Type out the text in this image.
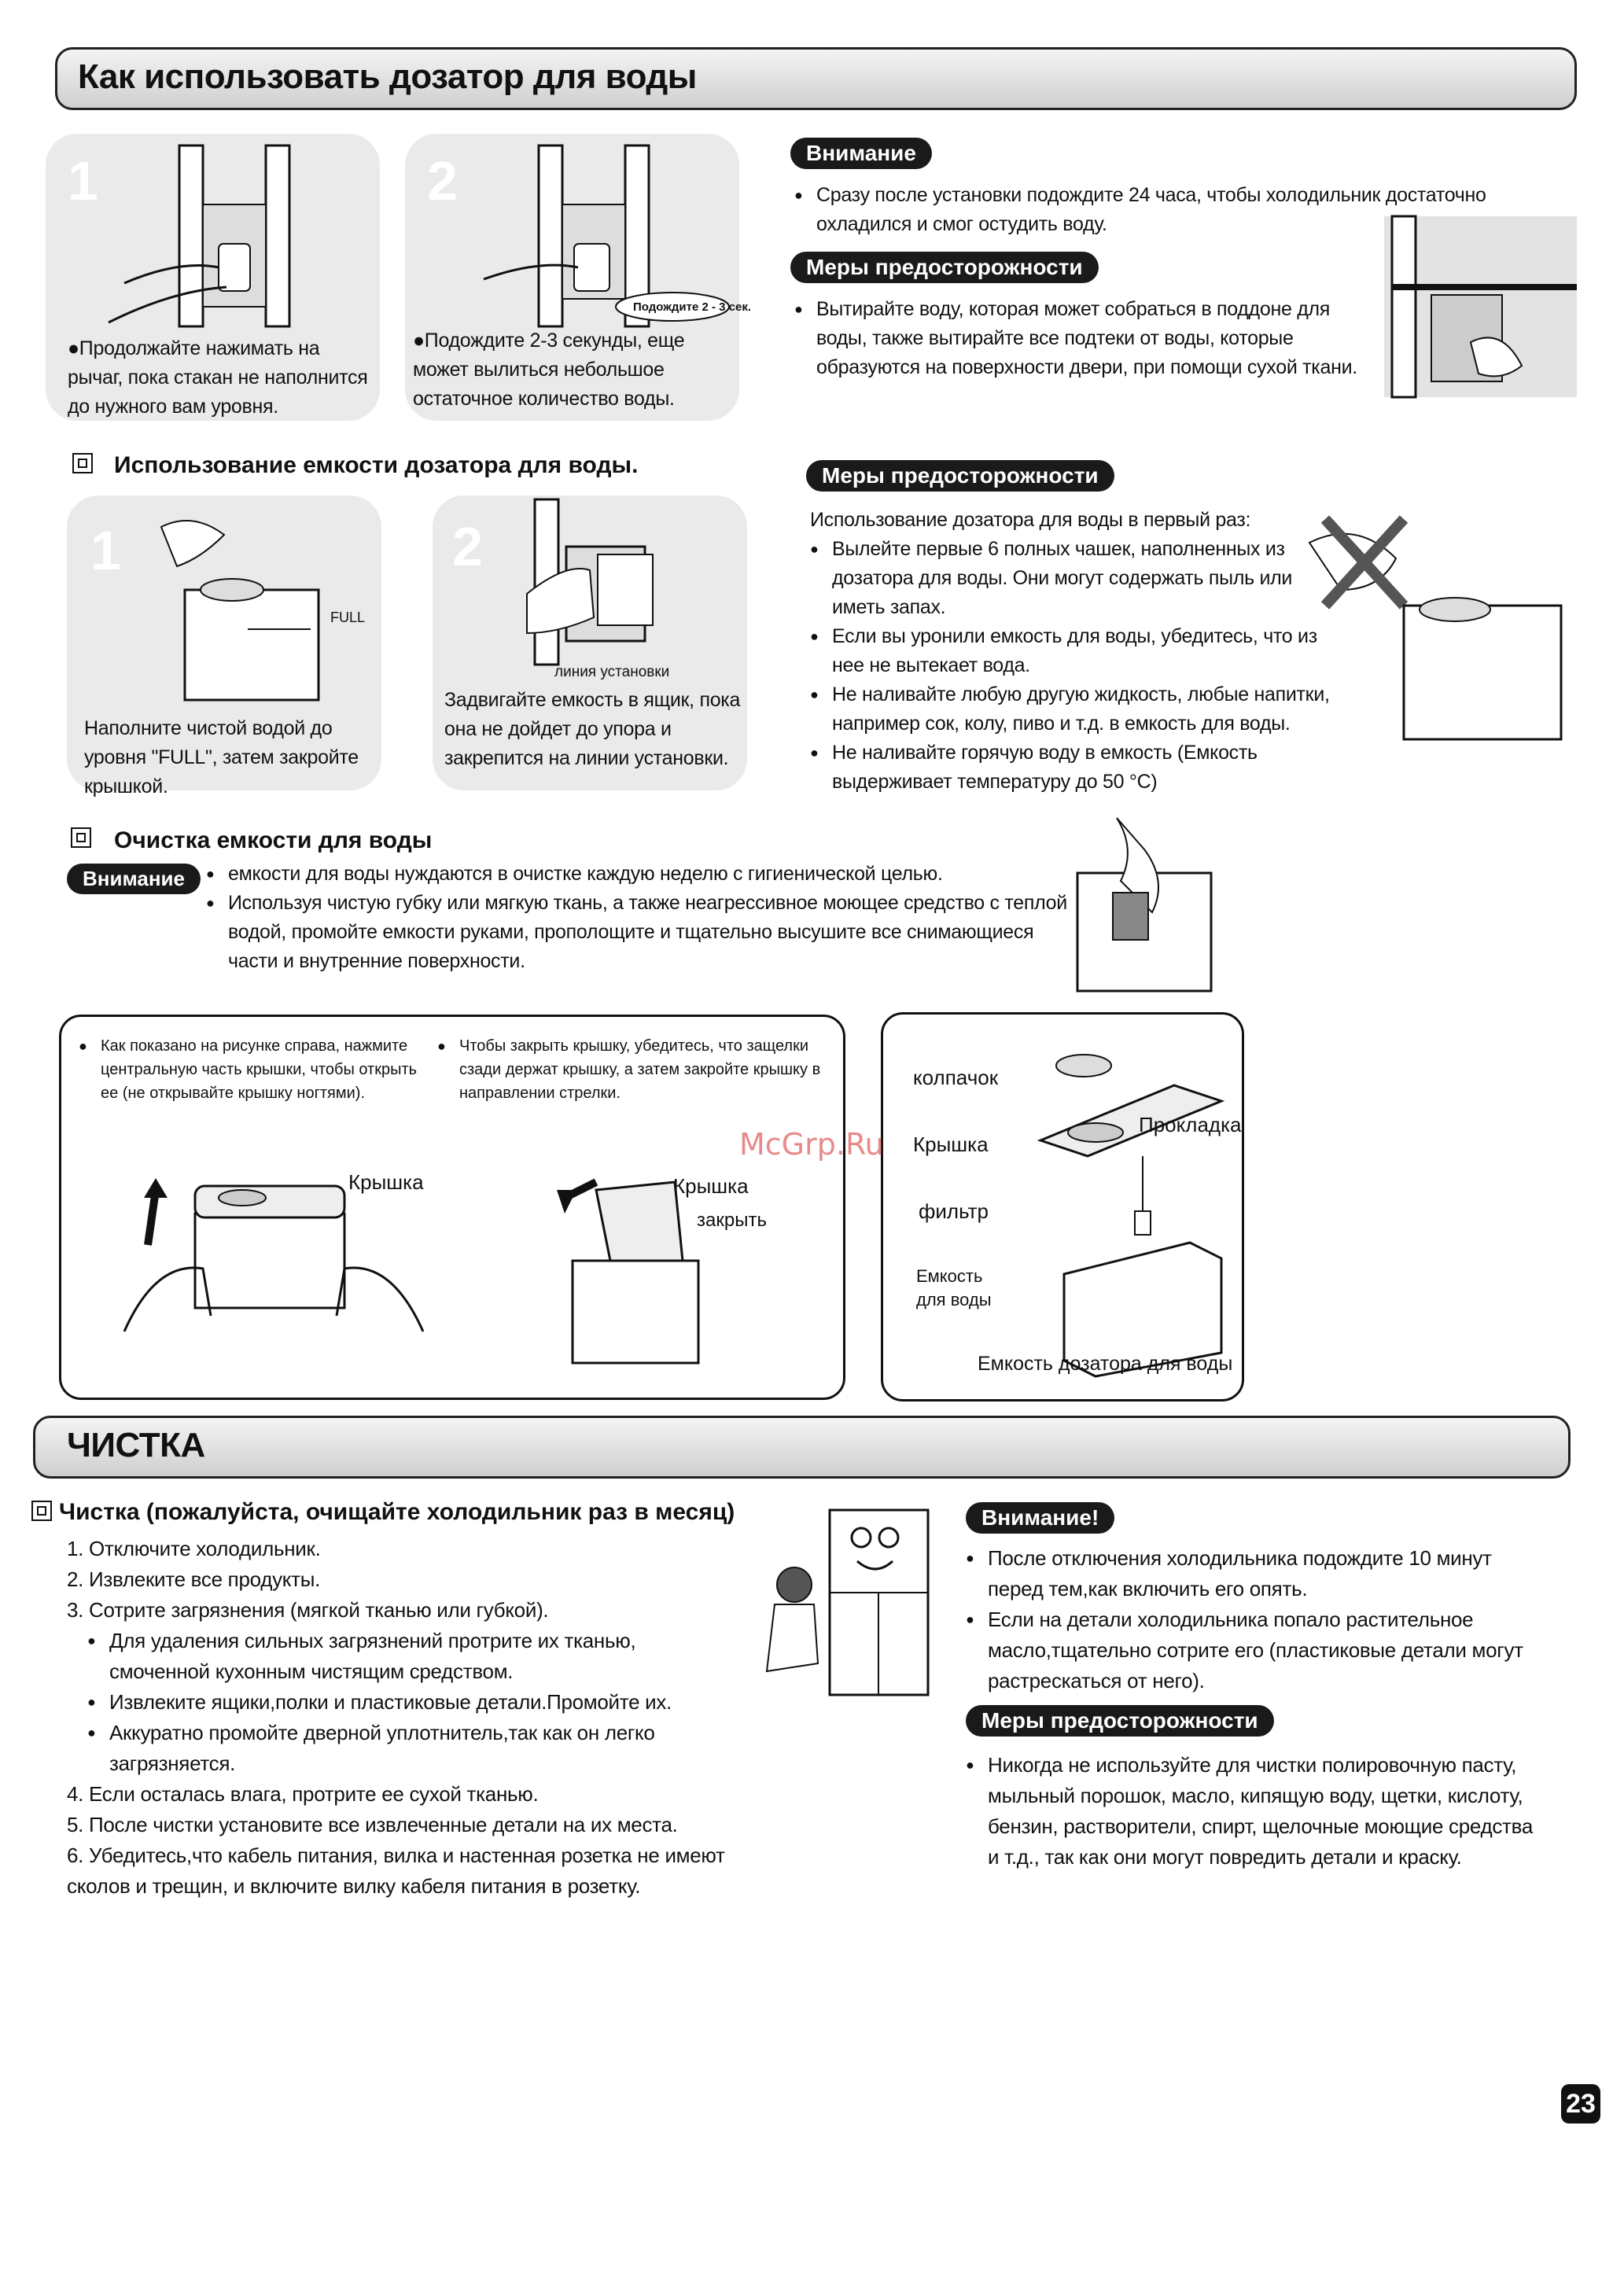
Как использовать дозатор для воды
1
●Продолжайте нажимать на рычаг, пока стакан не наполнится до нужного вам уровня.
2
Подождите 2 - 3 сек.
●Подождите 2-3 секунды, еще может вылиться небольшое остаточное количество воды.
Внимание
● Сразу после установки подождите 24 часа, чтобы холодильник достаточно охладился и смог остудить воду.
Меры предосторожности
● Вытирайте воду, которая может собраться в поддоне для воды, также вытирайте все подтеки от воды, которые образуются на поверхности двери, при помощи сухой ткани.
Использование емкости дозатора для воды.
1
FULL
Наполните чистой водой до уровня "FULL", затем закройте крышкой.
2
линия установки
Задвигайте емкость в ящик, пока она не дойдет до упора и закрепится на линии установки.
Меры предосторожности
Использование дозатора для воды в первый раз:
● Вылейте первые 6 полных чашек, наполненных из дозатора для воды. Они могут содержать пыль или иметь запах.
● Если вы уронили емкость для воды, убедитесь, что из нее не вытекает вода.
● Не наливайте любую другую жидкость, любые напитки, например сок, колу, пиво и т.д. в емкость для воды.
● Не наливайте горячую воду в емкость (Емкость выдерживает температуру до 50 °С)
Очистка емкости для воды
Внимание
●	емкости для воды нуждаются в очистке каждую неделю с гигиенической целью.
● Используя чистую губку или мягкую ткань, а также неагрессивное моющее средство с теплой водой, промойте емкости руками, прополощите и тщательно высушите все снимающиеся части и внутренние поверхности.
● Как показано на рисунке справа, нажмите центральную часть крышки, чтобы открыть ее (не открывайте крышку ногтями).
● Чтобы закрыть крышку, убедитесь, что защелки сзади держат крышку, а затем закройте крышку в направлении стрелки.
Крышка	Крышка
закрыть
колпачок
Крышка
Прокладка
фильтр
Емкость для воды
Емкость дозатора для воды
McGrp.Ru
ЧИСТКА
Чистка (пожалуйста, очищайте холодильник раз в месяц)
1. Отключите холодильник.
2. Извлеките все продукты.
3. Сотрите загрязнения (мягкой тканью или губкой).
● Для удаления сильных загрязнений протрите их тканью, смоченной кухонным чистящим средством.
● Извлеките ящики,полки и пластиковые детали.Промойте их.
● Аккуратно промойте дверной уплотнитель,так как он легко загрязняется.
4. Если осталась влага, протрите ее сухой тканью.
5. После чистки установите все извлеченные детали на их места.
6. Убедитесь,что кабель питания, вилка и настенная розетка не имеют сколов и трещин, и включите вилку кабеля питания в розетку.
Внимание!
● После отключения холодильника подождите 10 минут перед тем,как включить его опять.
● Если на детали холодильника попало растительное масло,тщательно сотрите его (пластиковые детали могут растрескаться от него).
Меры предосторожности
● Никогда не используйте для чистки полировочную пасту, мыльный порошок, масло, кипящую воду, щетки, кислоту, бензин, растворители, спирт, щелочные моющие средства и т.д., так как они могут повредить детали и краску.
23
